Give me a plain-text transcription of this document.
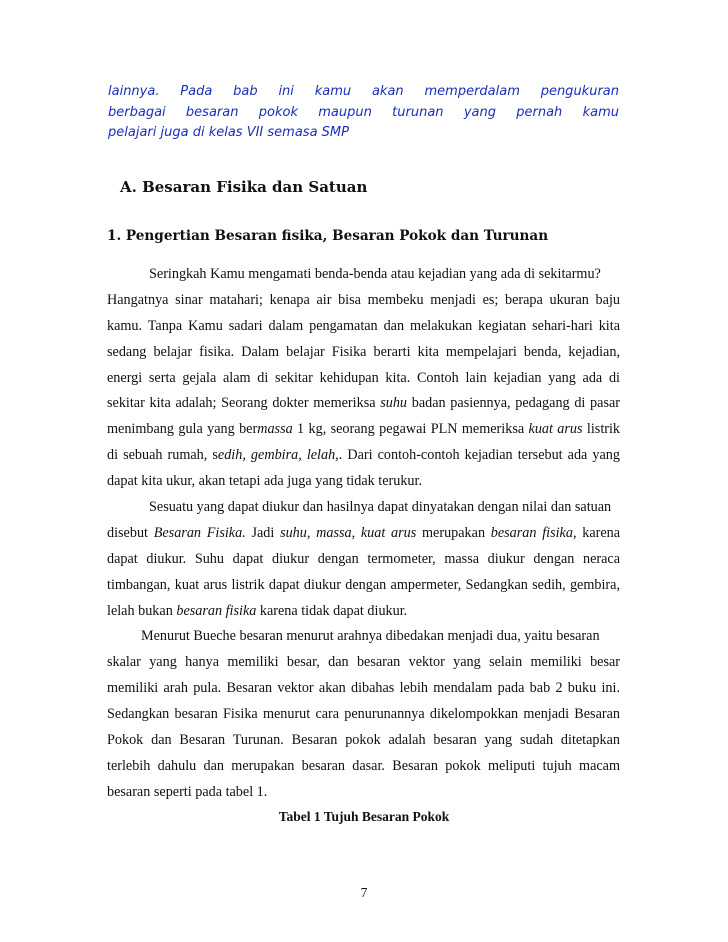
lainnya. Pada bab ini kamu akan memperdalam pengukuran
berbagai besaran pokok maupun turunan yang pernah kamu
pelajari juga di kelas VII semasa SMP
A. Besaran Fisika dan Satuan
1. Pengertian Besaran fisika, Besaran Pokok dan Turunan
Seringkah Kamu mengamati benda-benda atau kejadian yang ada di sekitarmu?
Hangatnya sinar matahari; kenapa air bisa membeku menjadi es; berapa ukuran baju
kamu. Tanpa Kamu sadari dalam pengamatan dan melakukan kegiatan sehari-hari kita
sedang belajar fisika. Dalam belajar Fisika berarti kita mempelajari benda, kejadian,
energi serta gejala alam di sekitar kehidupan kita. Contoh lain kejadian yang ada di
sekitar kita adalah; Seorang dokter memeriksa suhu badan pasiennya, pedagang di pasar
menimbang gula yang bermassa 1 kg, seorang pegawai PLN memeriksa kuat arus listrik
di sebuah rumah, sedih, gembira, lelah,. Dari contoh-contoh kejadian tersebut ada yang
dapat kita ukur, akan tetapi ada juga yang tidak terukur.
Sesuatu yang dapat diukur dan hasilnya dapat dinyatakan dengan nilai dan satuan
disebut Besaran Fisika. Jadi suhu, massa, kuat arus merupakan besaran fisika, karena
dapat diukur. Suhu dapat diukur dengan termometer, massa diukur dengan neraca
timbangan, kuat arus listrik dapat diukur dengan ampermeter, Sedangkan sedih, gembira,
lelah bukan besaran fisika karena tidak dapat diukur.
Menurut Bueche besaran menurut arahnya dibedakan menjadi dua, yaitu besaran
skalar yang hanya memiliki besar, dan besaran vektor yang selain memiliki besar
memiliki arah pula. Besaran vektor akan dibahas lebih mendalam pada bab 2 buku ini.
Sedangkan besaran Fisika menurut cara penurunannya dikelompokkan menjadi Besaran
Pokok dan Besaran Turunan. Besaran pokok adalah besaran yang sudah ditetapkan
terlebih dahulu dan merupakan besaran dasar. Besaran pokok meliputi tujuh macam
besaran seperti pada tabel 1.
Tabel 1 Tujuh Besaran Pokok
7
